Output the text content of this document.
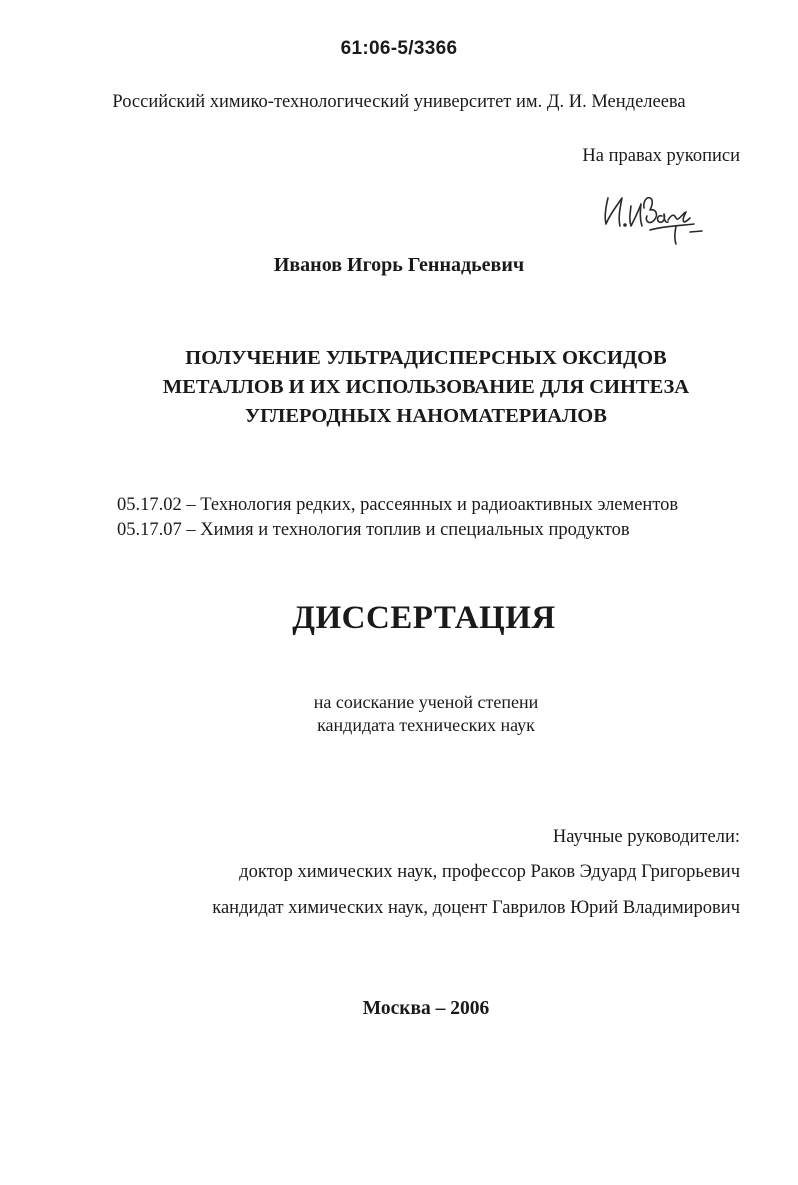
61:06-5/3366

Российский химико-технологический университет им. Д. И. Менделеева

На правах рукописи

Иванов Игорь Геннадьевич

ПОЛУЧЕНИЕ УЛЬТРАДИСПЕРСНЫХ ОКСИДОВ
МЕТАЛЛОВ И ИХ ИСПОЛЬЗОВАНИЕ ДЛЯ СИНТЕЗА
УГЛЕРОДНЫХ НАНОМАТЕРИАЛОВ
05.17.02 – Технология редких, рассеянных и радиоактивных элементов
05.17.07 – Химия и технология топлив и специальных продуктов

ДИССЕРТАЦИЯ

на соискание ученой степени
кандидата технических наук

Научные руководители:

доктор химических наук, профессор Раков Эдуард Григорьевич

кандидат химических наук, доцент Гаврилов Юрий Владимирович

Москва – 2006
